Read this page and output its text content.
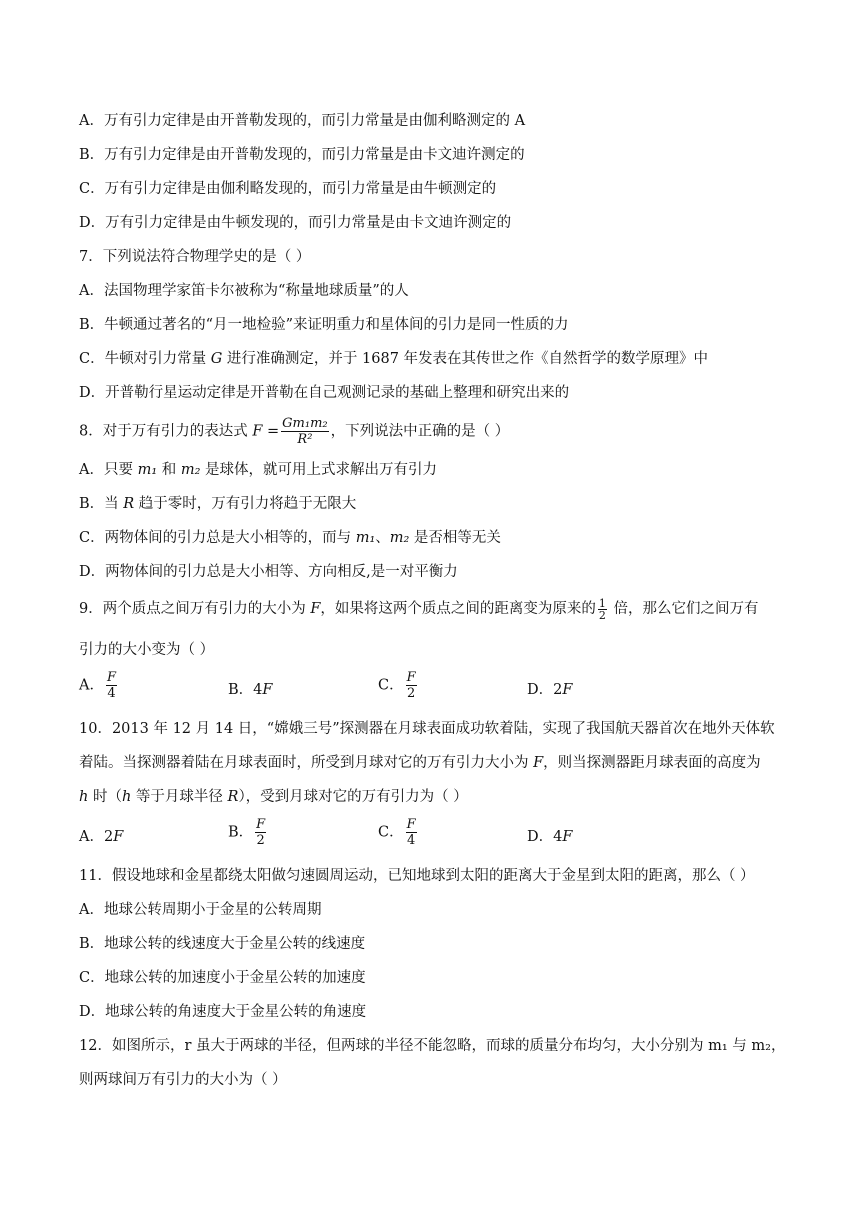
A．万有引力定律是由开普勒发现的，而引力常量是由伽利略测定的 A
B．万有引力定律是由开普勒发现的，而引力常量是由卡文迪许测定的
C．万有引力定律是由伽利略发现的，而引力常量是由牛顿测定的
D．万有引力定律是由牛顿发现的，而引力常量是由卡文迪许测定的
7．下列说法符合物理学史的是（ ）
A．法国物理学家笛卡尔被称为“称量地球质量”的人
B．牛顿通过著名的“月一地检验”来证明重力和星体间的引力是同一性质的力
C．牛顿对引力常量 G 进行准确测定，并于 1687 年发表在其传世之作《自然哲学的数学原理》中
D．开普勒行星运动定律是开普勒在自己观测记录的基础上整理和研究出来的
8．对于万有引力的表达式 $F = \frac{\text{Gm₁m₂}}{\text{R²}}$ ，下列说法中正确的是（ ）
A．只要 m₁ 和 m₂ 是球体，就可用上式求解出万有引力
B．当 R 趋于零时，万有引力将趋于无限大
C．两物体间的引力总是大小相等的，而与 m₁、m₂ 是否相等无关
D．两物体间的引力总是大小相等、方向相反,是一对平衡力
9．两个质点之间万有引力的大小为 F，如果将这两个质点之间的距离变为原来的 $\frac{1}{2}$ 倍，那么它们之间万有
引力的大小变为（ ）
A． $\frac{F}{4}$	B．4F	C． $\frac{F}{2}$	D．2F
10．2013 年 12 月 14 日，“嫦娥三号”探测器在月球表面成功软着陆，实现了我国航天器首次在地外天体软
着陆。当探测器着陆在月球表面时，所受到月球对它的万有引力大小为 F，则当探测器距月球表面的高度为
h 时（h 等于月球半径 R），受到月球对它的万有引力为（ ）
A．2F	B． $\frac{F}{2}$	C． $\frac{F}{4}$	D．4F
11．假设地球和金星都绕太阳做匀速圆周运动，已知地球到太阳的距离大于金星到太阳的距离，那么（ ）
A．地球公转周期小于金星的公转周期
B．地球公转的线速度大于金星公转的线速度
C．地球公转的加速度小于金星公转的加速度
D．地球公转的角速度大于金星公转的角速度
12．如图所示，r 虽大于两球的半径，但两球的半径不能忽略，而球的质量分布均匀，大小分别为 m₁ 与 m₂，
则两球间万有引力的大小为（ ）
